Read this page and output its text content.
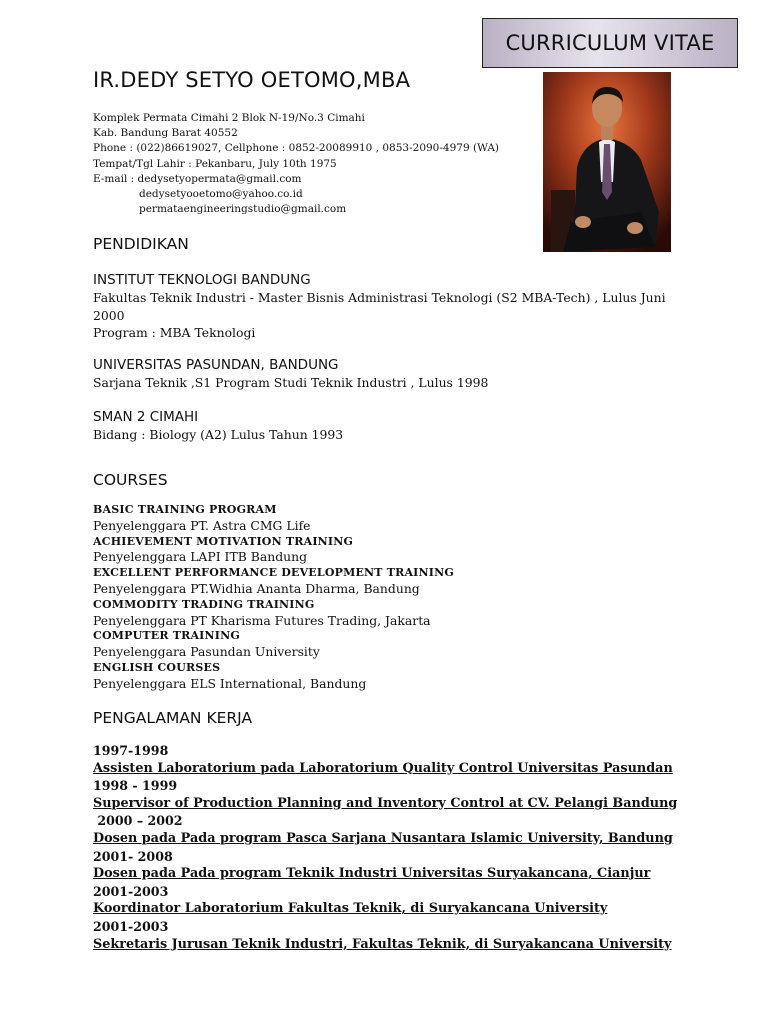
CURRICULUM VITAE
IR.DEDY SETYO OETOMO,MBA
Komplek Permata Cimahi 2 Blok N-19/No.3 Cimahi
Kab. Bandung Barat 40552
Phone : (022)86619027, Cellphone : 0852-20089910 , 0853-2090-4979 (WA)
Tempat/Tgl Lahir : Pekanbaru, July 10th 1975
E-mail : dedysetyopermata@gmail.com
dedysetyooetomo@yahoo.co.id
permataengineeringstudio@gmail.com
PENDIDIKAN
INSTITUT TEKNOLOGI BANDUNG
Fakultas Teknik Industri - Master Bisnis Administrasi Teknologi (S2 MBA-Tech) , Lulus Juni 2000
Program : MBA Teknologi
UNIVERSITAS PASUNDAN, BANDUNG
Sarjana Teknik ,S1 Program Studi Teknik Industri , Lulus 1998
SMAN 2 CIMAHI
Bidang : Biology (A2) Lulus Tahun 1993
COURSES
BASIC TRAINING PROGRAM
Penyelenggara PT. Astra CMG Life
ACHIEVEMENT MOTIVATION TRAINING
Penyelenggara LAPI ITB Bandung
EXCELLENT PERFORMANCE DEVELOPMENT TRAINING
Penyelenggara PT.Widhia Ananta Dharma, Bandung
COMMODITY TRADING TRAINING
Penyelenggara PT Kharisma Futures Trading, Jakarta
COMPUTER TRAINING
Penyelenggara Pasundan University
ENGLISH COURSES
Penyelenggara ELS International, Bandung
PENGALAMAN KERJA
1997-1998
Assisten Laboratorium pada Laboratorium Quality Control Universitas Pasundan
1998 - 1999
Supervisor of Production Planning and Inventory Control at CV. Pelangi Bandung
2000 – 2002
Dosen pada Pada program Pasca Sarjana Nusantara Islamic University, Bandung
2001- 2008
Dosen pada Pada program Teknik Industri Universitas Suryakancana, Cianjur
2001-2003
Koordinator Laboratorium Fakultas Teknik, di Suryakancana University
2001-2003
Sekretaris Jurusan Teknik Industri, Fakultas Teknik, di Suryakancana University
